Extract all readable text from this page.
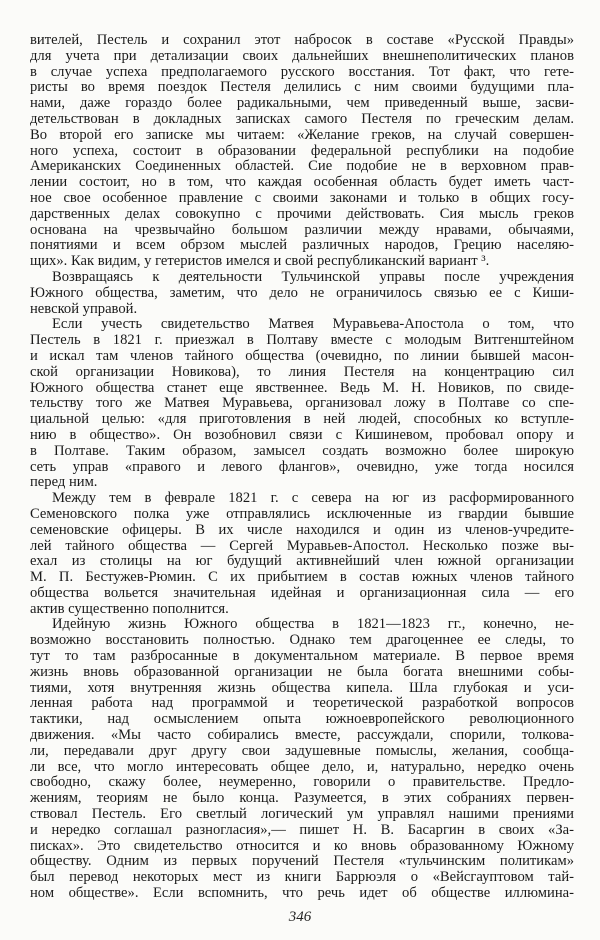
вителей, Пестель и сохранил этот набросок в составе «Русской Правды»
для учета при детализации своих дальнейших внешнеполитических планов
в случае успеха предполагаемого русского восстания. Тот факт, что гете-
ристы во время поездок Пестеля делились с ним своими будущими пла-
нами, даже гораздо более радикальными, чем приведенный выше, засви-
детельствован в докладных записках самого Пестеля по греческим делам.
Во второй его записке мы читаем: «Желание греков, на случай совершен-
ного успеха, состоит в образовании федеральной республики на подобие
Американских Соединенных областей. Сие подобие не в верховном прав-
лении состоит, но в том, что каждая особенная область будет иметь част-
ное свое особенное правление с своими законами и только в общих госу-
дарственных делах совокупно с прочими действовать. Сия мысль греков
основана на чрезвычайно большом различии между нравами, обычаями,
понятиями и всем обрзом мыслей различных народов, Грецию населяю-
щих». Как видим, у гетеристов имелся и свой республиканский вариант ³.
Возвращаясь к деятельности Тульчинской управы после учреждения
Южного общества, заметим, что дело не ограничилось связью ее с Киши-
невской управой.
Если учесть свидетельство Матвея Муравьева-Апостола о том, что
Пестель в 1821 г. приезжал в Полтаву вместе с молодым Витгенштейном
и искал там членов тайного общества (очевидно, по линии бывшей масон-
ской организации Новикова), то линия Пестеля на концентрацию сил
Южного общества станет еще явственнее. Ведь М. Н. Новиков, по свиде-
тельству того же Матвея Муравьева, организовал ложу в Полтаве со спе-
циальной целью: «для приготовления в ней людей, способных ко вступле-
нию в общество». Он возобновил связи с Кишиневом, пробовал опору и
в Полтаве. Таким образом, замысел создать возможно более широкую
сеть управ «правого и левого флангов», очевидно, уже тогда носился
перед ним.
Между тем в феврале 1821 г. с севера на юг из расформированного
Семеновского полка уже отправлялись исключенные из гвардии бывшие
семеновские офицеры. В их числе находился и один из членов-учредите-
лей тайного общества — Сергей Муравьев-Апостол. Несколько позже вы-
ехал из столицы на юг будущий активнейший член южной организации
М. П. Бестужев-Рюмин. С их прибытием в состав южных членов тайного
общества вольется значительная идейная и организационная сила — его
актив существенно пополнится.
Идейную жизнь Южного общества в 1821—1823 гг., конечно, не-
возможно восстановить полностью. Однако тем драгоценнее ее следы, то
тут то там разбросанные в документальном материале. В первое время
жизнь вновь образованной организации не была богата внешними собы-
тиями, хотя внутренняя жизнь общества кипела. Шла глубокая и уси-
ленная работа над программой и теоретической разработкой вопросов
тактики, над осмыслением опыта южноевропейского революционного
движения. «Мы часто собирались вместе, рассуждали, спорили, толкова-
ли, передавали друг другу свои задушевные помыслы, желания, сообща-
ли все, что могло интересовать общее дело, и, натурально, нередко очень
свободно, скажу более, неумеренно, говорили о правительстве. Предло-
жениям, теориям не было конца. Разумеется, в этих собраниях первен-
ствовал Пестель. Его светлый логический ум управлял нашими прениями
и нередко соглашал разногласия»,— пишет Н. В. Басаргин в своих «За-
писках». Это свидетельство относится и ко вновь образованному Южному
обществу. Одним из первых поручений Пестеля «тульчинским политикам»
был перевод некоторых мест из книги Баррюэля о «Вейсгауптовом тай-
ном обществе». Если вспомнить, что речь идет об обществе иллюмина-
346
